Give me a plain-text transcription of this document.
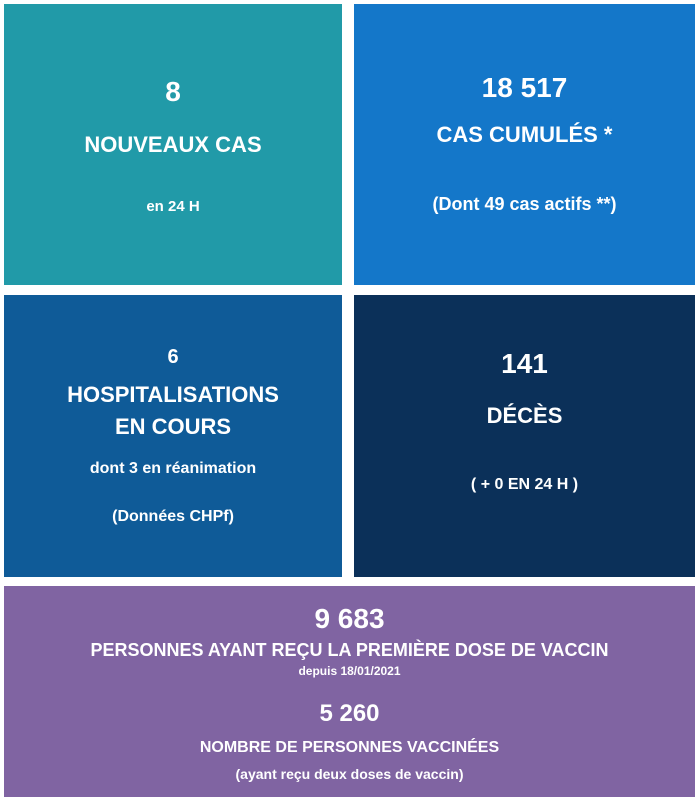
8
NOUVEAUX CAS
en 24 H
18 517
CAS CUMULÉS *
(Dont 49 cas actifs **)
6
HOSPITALISATIONS
EN COURS
dont 3 en réanimation
(Données CHPf)
141
DÉCÈS
( + 0 EN 24 H )
9 683
PERSONNES AYANT REÇU LA PREMIÈRE DOSE DE VACCIN
depuis 18/01/2021
5 260
NOMBRE DE PERSONNES VACCINÉES
(ayant reçu deux doses de vaccin)
